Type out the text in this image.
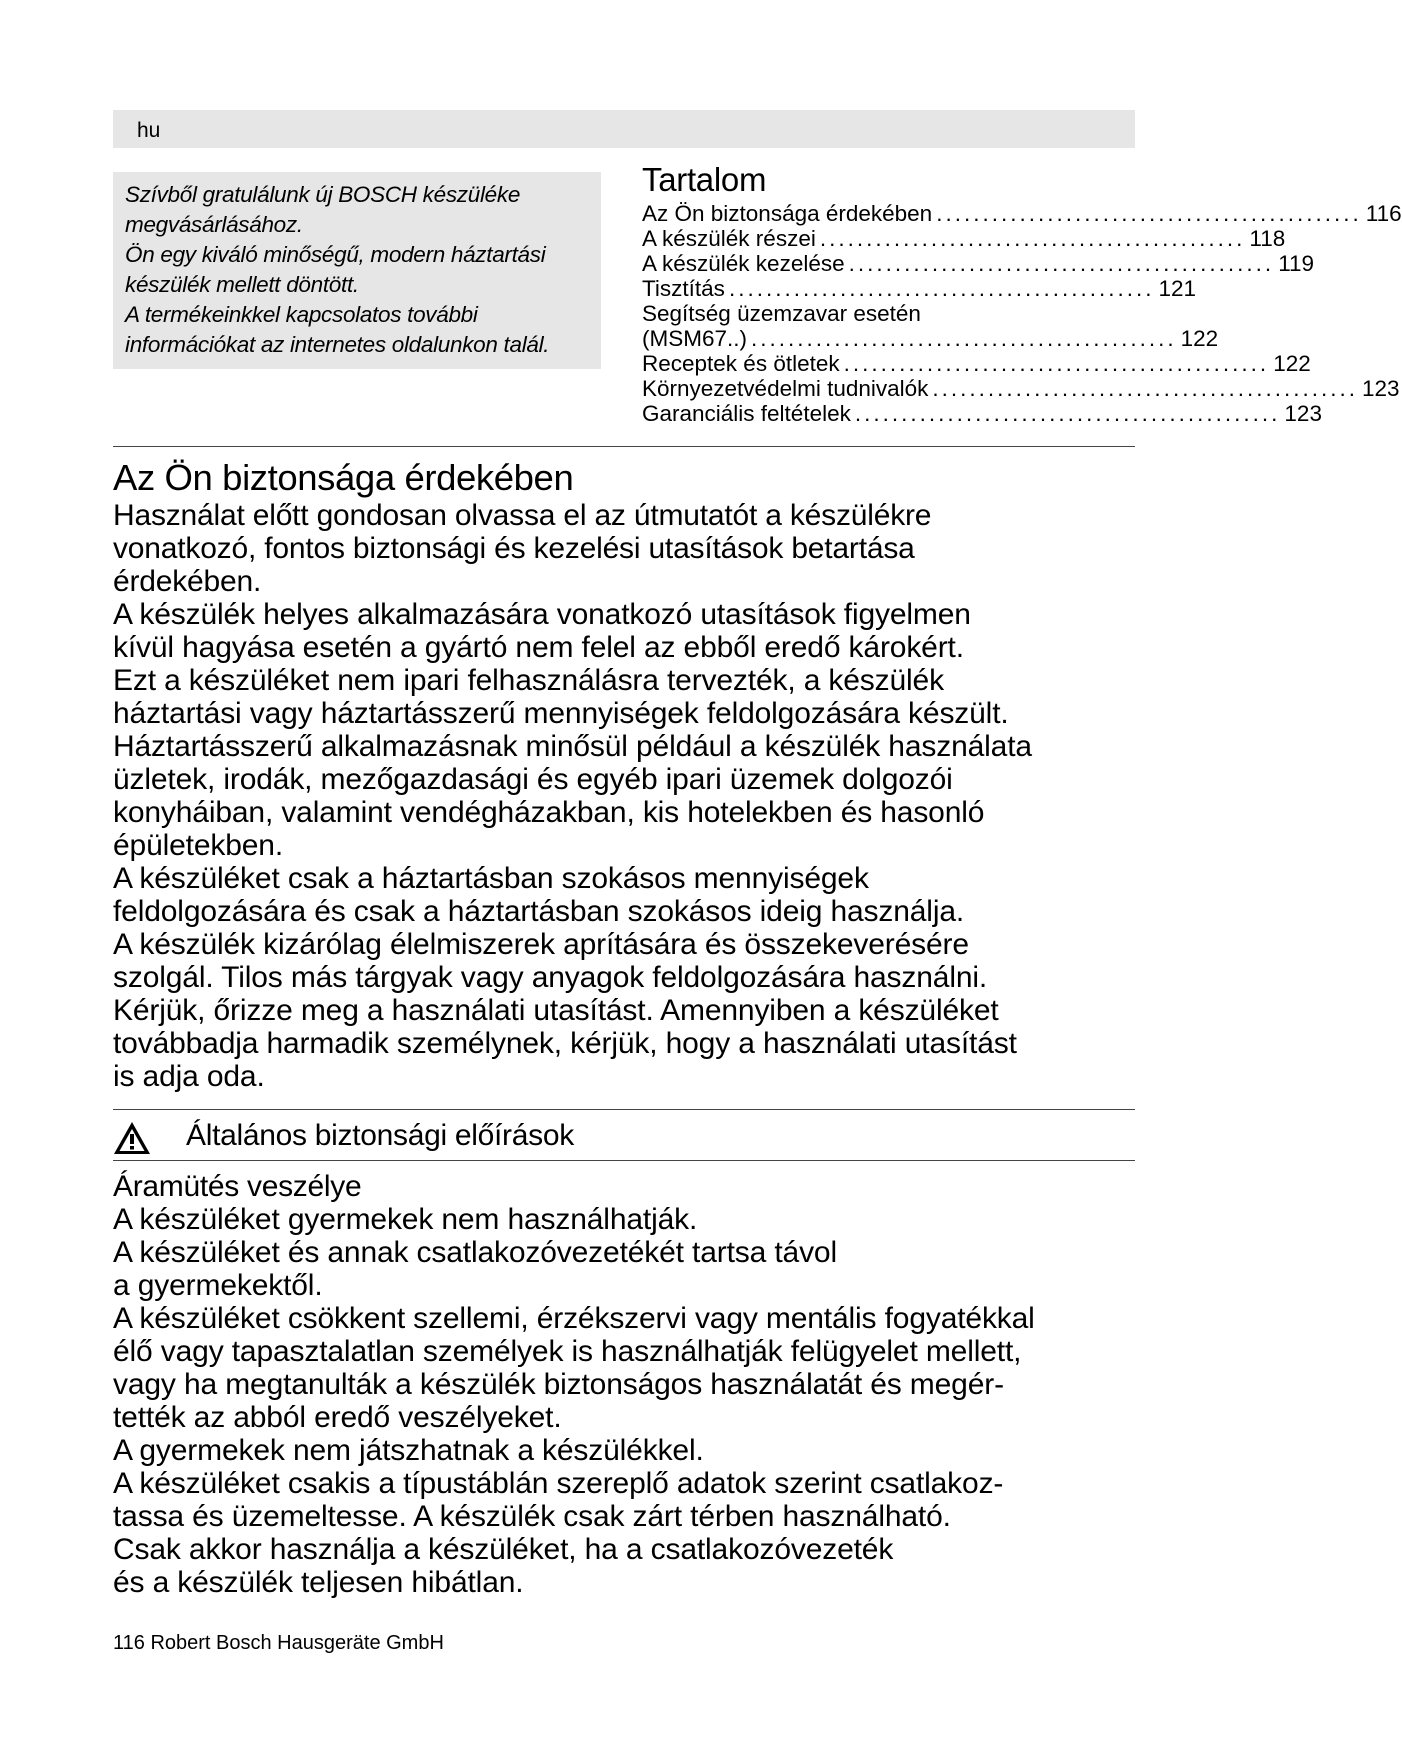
hu

Szívből gratulálunk új BOSCH készüléke

megvásárlásához.

Ön egy kiváló minőségű, modern háztartási

készülék mellett döntött.

A termékeinkkel kapcsolatos további

információkat az internetes oldalunkon talál.

Tartalom
Az Ön biztonsága érdekében .............................................. 116
A készülék részei .............................................. 118
A készülék kezelése .............................................. 119
Tisztítás .............................................. 121
Segítség üzemzavar esetén
(MSM67..) .............................................. 122
Receptek és ötletek .............................................. 122
Környezetvédelmi tudnivalók .............................................. 123
Garanciális feltételek .............................................. 123
Az Ön biztonsága érdekében

Használat előtt gondosan olvassa el az útmutatót a készülékre

vonatkozó, fontos biztonsági és kezelési utasítások betartása

érdekében.

A készülék helyes alkalmazására vonatkozó utasítások figyelmen

kívül hagyása esetén a gyártó nem felel az ebből eredő károkért.

Ezt a készüléket nem ipari felhasználásra tervezték, a készülék

háztartási vagy háztartásszerű mennyiségek feldolgozására készült.

Háztartásszerű alkalmazásnak minősül például a készülék használata

üzletek, irodák, mezőgazdasági és egyéb ipari üzemek dolgozói

konyháiban, valamint vendégházakban, kis hotelekben és hasonló

épületekben.

A készüléket csak a háztartásban szokásos mennyiségek

feldolgozására és csak a háztartásban szokásos ideig használja.

A készülék kizárólag élelmiszerek aprítására és összekeverésére

szolgál. Tilos más tárgyak vagy anyagok feldolgozására használni.

Kérjük, őrizze meg a használati utasítást. Amennyiben a készüléket

továbbadja harmadik személynek, kérjük, hogy a használati utasítást

is adja oda.

Általános biztonsági előírások
Áramütés veszélye

A készüléket gyermekek nem használhatják.

A készüléket és annak csatlakozóvezetékét tartsa távol

a gyermekektől.

A készüléket csökkent szellemi, érzékszervi vagy mentális fogyatékkal

élő vagy tapasztalatlan személyek is használhatják felügyelet mellett,

vagy ha megtanulták a készülék biztonságos használatát és megér-

tették az abból eredő veszélyeket.

A gyermekek nem játszhatnak a készülékkel.

A készüléket csakis a típustáblán szereplő adatok szerint csatlakoz-

tassa és üzemeltesse. A készülék csak zárt térben használható.

Csak akkor használja a készüléket, ha a csatlakozóvezeték

és a készülék teljesen hibátlan.

116 Robert Bosch Hausgeräte GmbH
